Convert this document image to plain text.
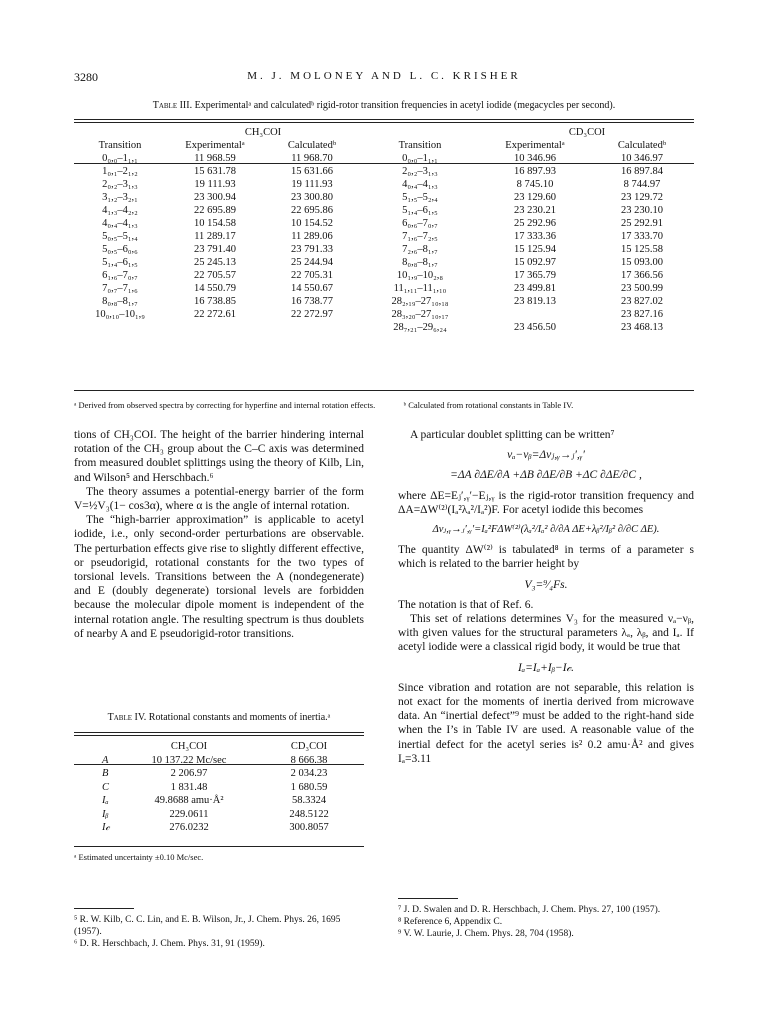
3280	M. J. MOLONEY AND L. C. KRISHER
Table III. Experimentalᵃ and calculatedᵇ rigid-rotor transition frequencies in acetyl iodide (megacycles per second).
	CH₃COI			CD₃COI	
Transition	Experimentalᵃ	Calculatedᵇ	Transition	Experimentalᵃ	Calculatedᵇ
0₀,₀–1₁,₁	11 968.59	11 968.70	0₀,₀–1₁,₁	10 346.96	10 346.97
1₀,₁–2₁,₂	15 631.78	15 631.66	2₀,₂–3₁,₃	16 897.93	16 897.84
2₀,₂–3₁,₃	19 111.93	19 111.93	4₀,₄–4₁,₃	8 745.10	8 744.97
3₁,₂–3₂,₁	23 300.94	23 300.80	5₁,₅–5₂,₄	23 129.60	23 129.72
4₁,₃–4₂,₂	22 695.89	22 695.86	5₁,₄–6₁,₅	23 230.21	23 230.10
4₀,₄–4₁,₃	10 154.58	10 154.52	6₀,₆–7₀,₇	25 292.96	25 292.91
5₀,₅–5₁,₄	11 289.17	11 289.06	7₁,₆–7₂,₅	17 333.36	17 333.70
5₀,₅–6₀,₆	23 791.40	23 791.33	7₂,₆–8₁,₇	15 125.94	15 125.58
5₁,₄–6₁,₅	25 245.13	25 244.94	8₀,₈–8₁,₇	15 092.97	15 093.00
6₁,₆–7₀,₇	22 705.57	22 705.31	10₁,₉–10₂,₈	17 365.79	17 366.56
7₀,₇–7₁,₆	14 550.79	14 550.67	11₁,₁₁–11₁,₁₀	23 499.81	23 500.99
8₀,₈–8₁,₇	16 738.85	16 738.77	28₂,₁₉–27₁₀,₁₈	23 819.13	23 827.02
10₀,₁₀–10₁,₉	22 272.61	22 272.97	28₃,₂₀–27₁₀,₁₇		23 827.16
			28₇,₂₁–29₆,₂₄	23 456.50	23 468.13
ᵃ Derived from observed spectra by correcting for hyperfine and internal rotation effects.	ᵇ Calculated from rotational constants in Table IV.

tions of CH₃COI. The height of the barrier hindering internal rotation of the CH₃ group about the C–C axis was determined from measured doublet splittings using the theory of Kilb, Lin, and Wilson⁵ and Herschbach.⁶

The theory assumes a potential-energy barrier of the form V=½V₃(1− cos3α), where α is the angle of internal rotation.

The “high-barrier approximation” is applicable to acetyl iodide, i.e., only second-order perturbations are observable. The perturbation effects give rise to slightly different effective, or pseudorigid, rotational constants for the two types of torsional levels. Transitions between the A (nondegenerate) and E (doubly degenerate) torsional levels are forbidden because the molecular dipole moment is independent of the internal rotation angle. The resulting spectrum is thus doublets of nearby A and E pseudorigid-rotor transitions.

Table IV. Rotational constants and moments of inertia.ᵃ
	CH₃COI	CD₃COI
A	10 137.22 Mc/sec	8 666.38
B	2 206.97	2 034.23
C	1 831.48	1 680.59
Iₐ	49.8688 amu·Å²	58.3324
Iᵦ	229.0611	248.5122
I𝒸	276.0232	300.8057
ᵃ Estimated uncertainty ±0.10 Mc/sec.
⁵ R. W. Kilb, C. C. Lin, and E. B. Wilson, Jr., J. Chem. Phys. 26, 1695 (1957).
⁶ D. R. Herschbach, J. Chem. Phys. 31, 91 (1959).

A particular doublet splitting can be written⁷

νₐ−νᵦ=Δνⱼ,ᵧ→ⱼ′,ᵧ′
=ΔA ∂ΔE/∂A +ΔB ∂ΔE/∂B +ΔC ∂ΔE/∂C ,

where ΔE=Eⱼ′,ᵧ′−Eⱼ,ᵧ is the rigid-rotor transition frequency and ΔA=ΔW⁽²⁾(Iₐ²λₐ²/Iₐ²)F. For acetyl iodide this becomes

Δνⱼ,ᵧ→ⱼ′,ᵧ′=Iₐ²FΔW⁽²⁾(λₐ²/Iₐ² ∂/∂A ΔE+λᵦ²/Iᵦ² ∂/∂C ΔE).

The quantity ΔW⁽²⁾ is tabulated⁸ in terms of a parameter s which is related to the barrier height by

V₃=⁹⁄₄Fs.

The notation is that of Ref. 6.

This set of relations determines V₃ for the measured νₐ−νᵦ, with given values for the structural parameters λₐ, λᵦ, and Iₐ. If acetyl iodide were a classical rigid body, it would be true that

Iₐ=Iₐ+Iᵦ−I𝒸.

Since vibration and rotation are not separable, this relation is not exact for the moments of inertia derived from microwave data. An “inertial defect”⁹ must be added to the right-hand side when the I’s in Table IV are used. A reasonable value of the inertial defect for the acetyl series is² 0.2 amu·Å² and gives Iₐ=3.11

⁷ J. D. Swalen and D. R. Herschbach, J. Chem. Phys. 27, 100 (1957).
⁸ Reference 6, Appendix C.
⁹ V. W. Laurie, J. Chem. Phys. 28, 704 (1958).
